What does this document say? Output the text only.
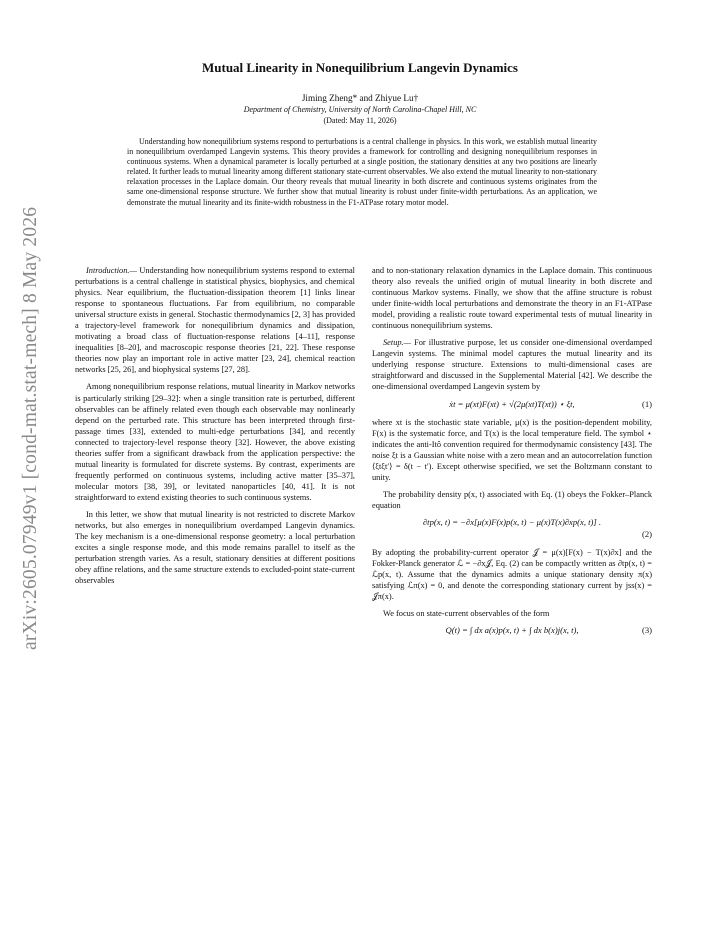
arXiv:2605.07949v1 [cond-mat.stat-mech] 8 May 2026
Mutual Linearity in Nonequilibrium Langevin Dynamics
Jiming Zheng* and Zhiyue Lu†
Department of Chemistry, University of North Carolina-Chapel Hill, NC
(Dated: May 11, 2026)

Understanding how nonequilibrium systems respond to perturbations is a central challenge in physics. In this work, we establish mutual linearity in nonequilibrium overdamped Langevin systems. This theory provides a framework for controlling and designing nonequilibrium responses in continuous systems. When a dynamical parameter is locally perturbed at a single position, the stationary densities at any two positions are linearly related. It further leads to mutual linearity among different stationary state-current observables. We also extend the mutual linearity to non-stationary relaxation processes in the Laplace domain. Our theory reveals that mutual linearity in both discrete and continuous systems originates from the same one-dimensional response structure. We further show that mutual linearity is robust under finite-width perturbations. As an application, we demonstrate the mutual linearity and its finite-width robustness in the F1-ATPase rotary motor model.

Introduction.— Understanding how nonequilibrium systems respond to external perturbations is a central challenge in statistical physics, biophysics, and chemical physics. Near equilibrium, the fluctuation-dissipation theorem [1] links linear response to spontaneous fluctuations. Far from equilibrium, no comparable universal structure exists in general. Stochastic thermodynamics [2, 3] has provided a trajectory-level framework for nonequilibrium dynamics and dissipation, motivating a broad class of fluctuation-response relations [4–11], response inequalities [8–20], and macroscopic response theories [21, 22]. These response theories now play an important role in active matter [23, 24], chemical reaction networks [25, 26], and biophysical systems [27, 28].

Among nonequilibrium response relations, mutual linearity in Markov networks is particularly striking [29–32]: when a single transition rate is perturbed, different observables can be affinely related even though each observable may nonlinearly depend on the perturbed rate. This structure has been interpreted through first-passage times [33], extended to multi-edge perturbations [34], and recently connected to trajectory-level response theory [32]. However, the above existing theories suffer from a significant drawback from the application perspective: the mutual linearity is formulated for discrete systems. By contrast, experiments are frequently performed on continuous systems, including active matter [35–37], molecular motors [38, 39], or levitated nanoparticles [40, 41]. It is not straightforward to extend existing theories to such continuous systems.

In this letter, we show that mutual linearity is not restricted to discrete Markov networks, but also emerges in nonequilibrium overdamped Langevin dynamics. The key mechanism is a one-dimensional response geometry: a local perturbation excites a single response mode, and this mode remains parallel to itself as the perturbation strength varies. As a result, stationary densities at different positions obey affine relations, and the same structure extends to excluded-point state-current observables

and to non-stationary relaxation dynamics in the Laplace domain. This continuous theory also reveals the unified origin of mutual linearity in both discrete and continuous Markov systems. Finally, we show that the affine structure is robust under finite-width local perturbations and demonstrate the theory in an F1-ATPase model, providing a realistic route toward experimental tests of mutual linearity in continuous nonequilibrium systems.

Setup.— For illustrative purpose, let us consider one-dimensional overdamped Langevin systems. The minimal model captures the mutual linearity and its underlying response structure. Extensions to multi-dimensional cases are straightforward and discussed in the Supplemental Material [42]. We describe the one-dimensional overdamped Langevin system by

ẋt = μ(xt)F(xt) + √(2μ(xt)T(xt)) ⋆ ξt,	(1)

where xt is the stochastic state variable, μ(x) is the position-dependent mobility, F(x) is the systematic force, and T(x) is the local temperature field. The symbol ⋆ indicates the anti-Itô convention required for thermodynamic consistency [43]. The noise ξt is a Gaussian white noise with a zero mean and an autocorrelation function ⟨ξtξt′⟩ = δ(t − t′). Except otherwise specified, we set the Boltzmann constant to unity.

The probability density p(x, t) associated with Eq. (1) obeys the Fokker–Planck equation

∂tp(x, t) = −∂x[μ(x)F(x)p(x, t) − μ(x)T(x)∂xp(x, t)] .
(2)

By adopting the probability-current operator 𝒥 = μ(x)[F(x) − T(x)∂x] and the Fokker-Planck generator ℒ = −∂x𝒥, Eq. (2) can be compactly written as ∂tp(x, t) = ℒp(x, t). Assume that the dynamics admits a unique stationary density π(x) satisfying ℒπ(x) = 0, and denote the corresponding stationary current by jss(x) = 𝒥π(x).

We focus on state-current observables of the form

Q(t) = ∫ dx a(x)p(x, t) + ∫ dx b(x)j(x, t),	(3)
